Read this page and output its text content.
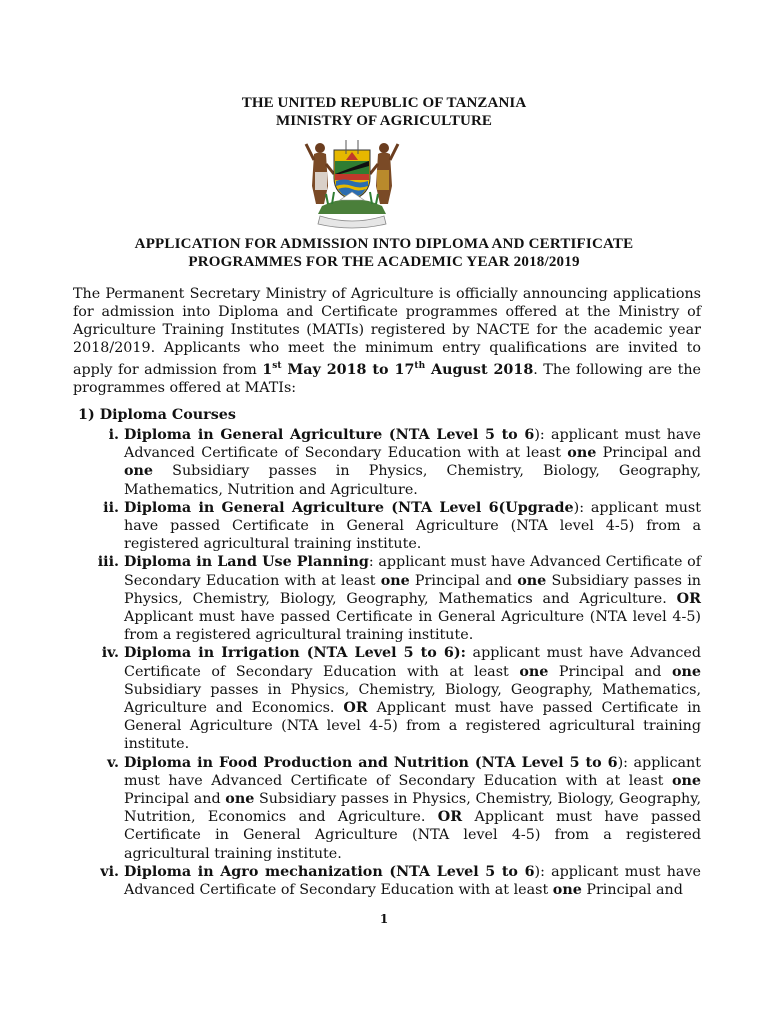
THE UNITED REPUBLIC OF TANZANIA
MINISTRY OF AGRICULTURE
APPLICATION FOR ADMISSION INTO DIPLOMA AND CERTIFICATE
PROGRAMMES FOR THE ACADEMIC YEAR 2018/2019
The Permanent Secretary Ministry of Agriculture is officially announcing applications for admission into Diploma and Certificate programmes offered at the Ministry of Agriculture Training Institutes (MATIs) registered by NACTE for the academic year 2018/2019. Applicants who meet the minimum entry qualifications are invited to apply for admission from 1st May 2018 to 17th August 2018. The following are the programmes offered at MATIs:
1) Diploma Courses
i. Diploma in General Agriculture (NTA Level 5 to 6): applicant must have Advanced Certificate of Secondary Education with at least one Principal and one Subsidiary passes in Physics, Chemistry, Biology, Geography, Mathematics, Nutrition and Agriculture.
ii. Diploma in General Agriculture (NTA Level 6(Upgrade): applicant must have passed Certificate in General Agriculture (NTA level 4-5) from a registered agricultural training institute.
iii. Diploma in Land Use Planning: applicant must have Advanced Certificate of Secondary Education with at least one Principal and one Subsidiary passes in Physics, Chemistry, Biology, Geography, Mathematics and Agriculture. OR Applicant must have passed Certificate in General Agriculture (NTA level 4-5) from a registered agricultural training institute.
iv. Diploma in Irrigation (NTA Level 5 to 6): applicant must have Advanced Certificate of Secondary Education with at least one Principal and one Subsidiary passes in Physics, Chemistry, Biology, Geography, Mathematics, Agriculture and Economics. OR Applicant must have passed Certificate in General Agriculture (NTA level 4-5) from a registered agricultural training institute.
v. Diploma in Food Production and Nutrition (NTA Level 5 to 6): applicant must have Advanced Certificate of Secondary Education with at least one Principal and one Subsidiary passes in Physics, Chemistry, Biology, Geography, Nutrition, Economics and Agriculture. OR Applicant must have passed Certificate in General Agriculture (NTA level 4-5) from a registered agricultural training institute.
vi. Diploma in Agro mechanization (NTA Level 5 to 6): applicant must have Advanced Certificate of Secondary Education with at least one Principal and
1
